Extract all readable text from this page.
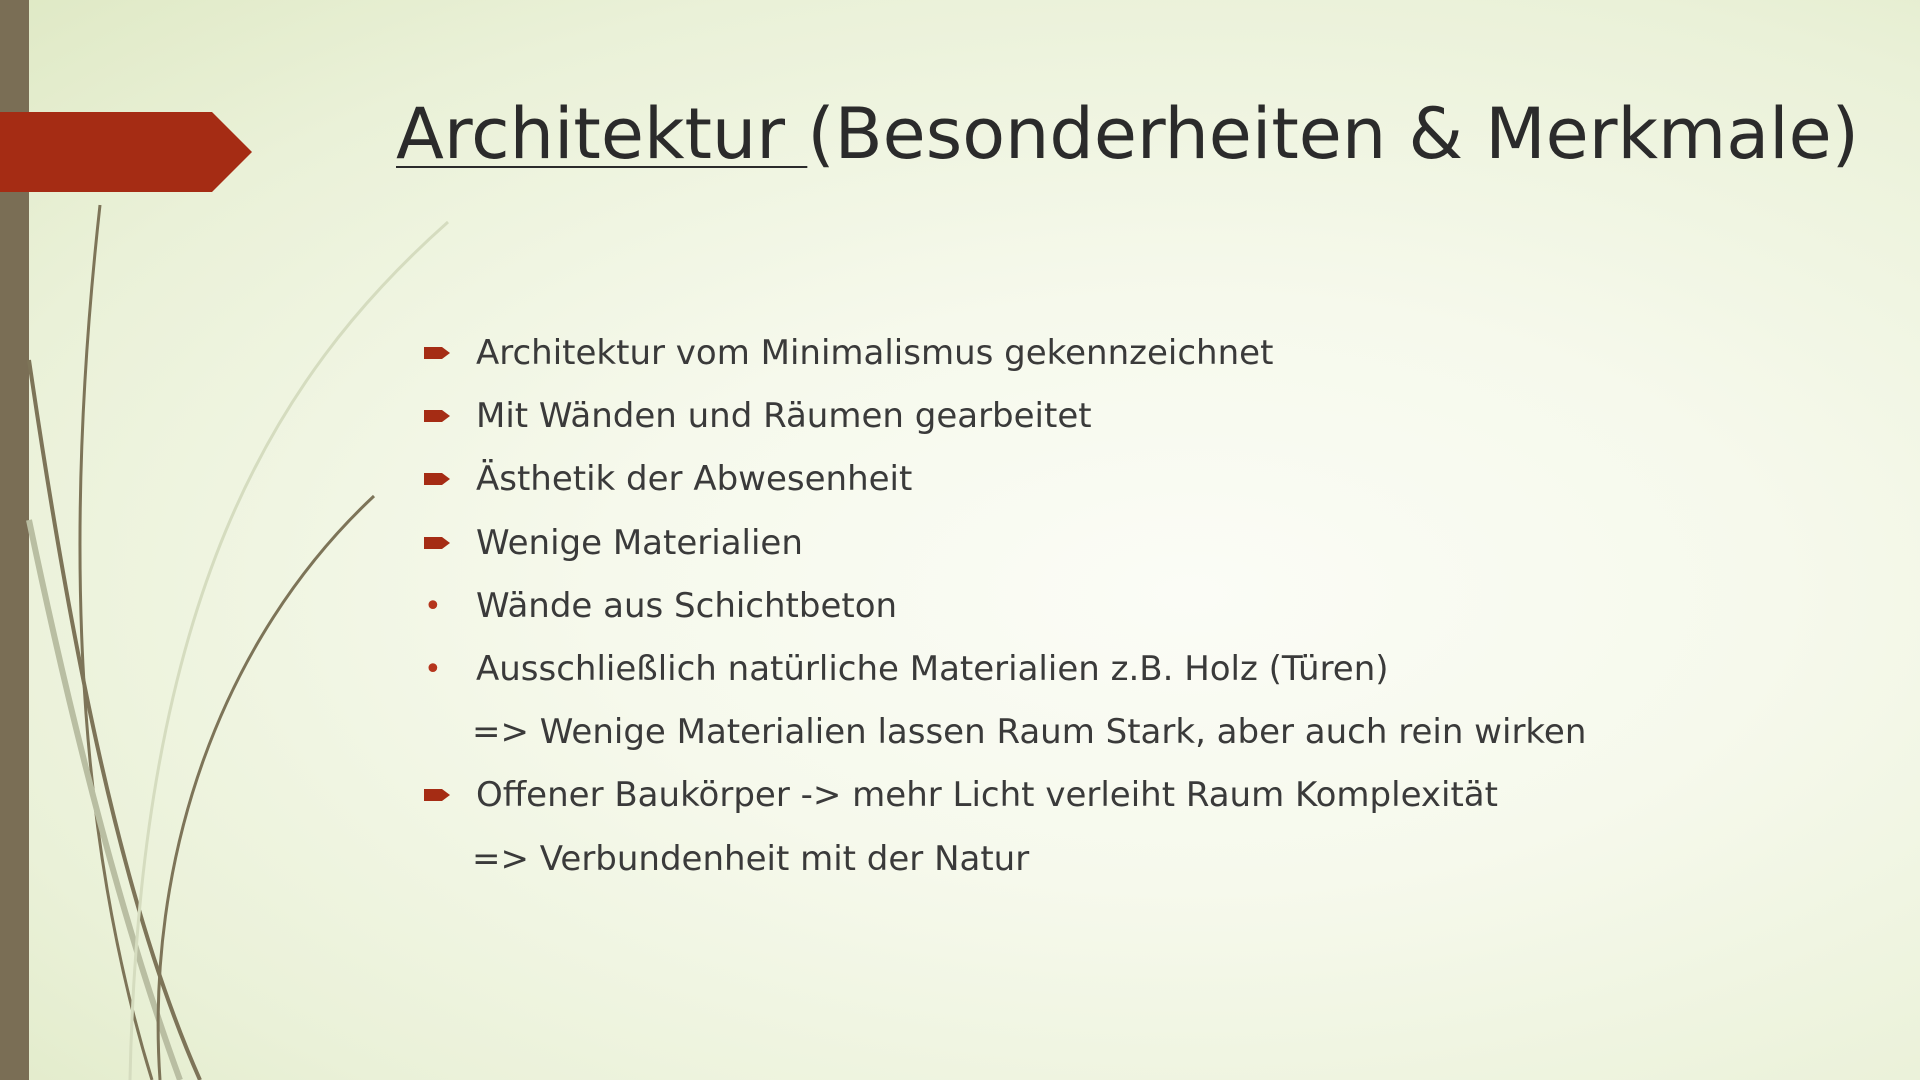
Architektur (Besonderheiten & Merkmale)
Architektur vom Minimalismus gekennzeichnet
Mit Wänden und Räumen gearbeitet
Ästhetik der Abwesenheit
Wenige Materialien
• Wände aus Schichtbeton
• Ausschließlich natürliche Materialien z.B. Holz (Türen)
=> Wenige Materialien lassen Raum Stark, aber auch rein wirken
Offener Baukörper -> mehr Licht verleiht Raum Komplexität
=> Verbundenheit mit der Natur
